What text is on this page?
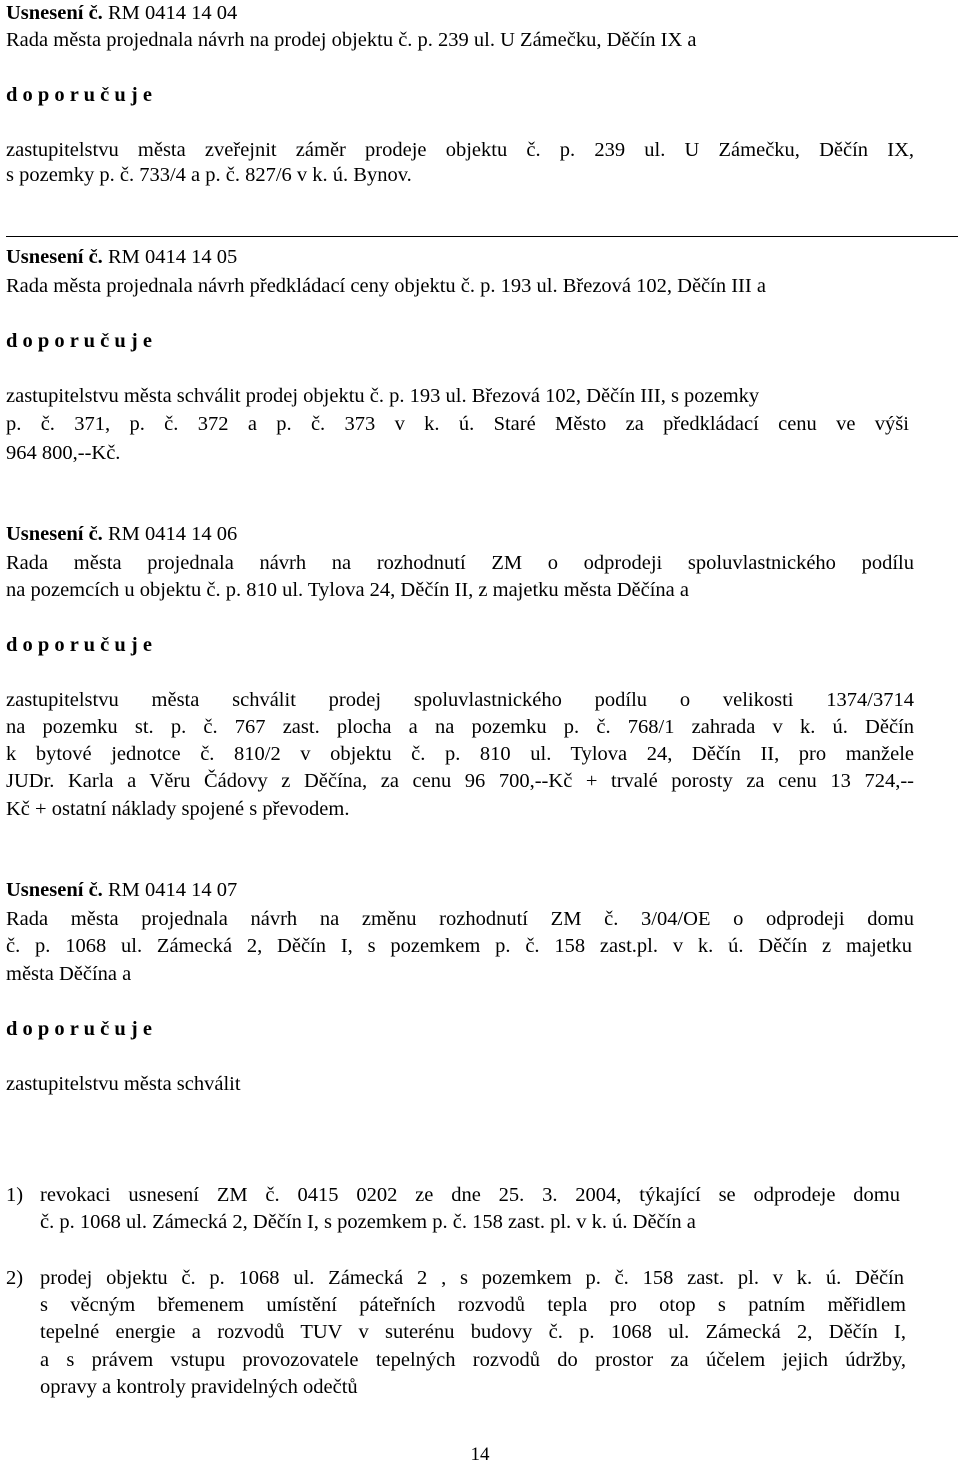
Usnesení č. RM 0414 14 04
Rada města projednala návrh na prodej objektu č. p. 239 ul. U Zámečku, Děčín IX a
d o p o r u č u j e
zastupitelstvu města zveřejnit záměr prodeje objektu č. p. 239 ul. U Zámečku, Děčín IX,
s pozemky p. č. 733/4 a p. č. 827/6 v k. ú. Bynov.
Usnesení č. RM 0414 14 05
Rada města projednala návrh předkládací ceny objektu č. p. 193 ul. Březová 102, Děčín III a
d o p o r u č u j e
zastupitelstvu města schválit prodej objektu č. p. 193 ul. Březová 102, Děčín III, s pozemky
p. č. 371, p. č. 372 a p. č. 373 v k. ú. Staré Město za předkládací cenu ve výši
964 800,--Kč.
Usnesení č. RM 0414 14 06
Rada města projednala návrh na rozhodnutí ZM o odprodeji spoluvlastnického podílu
na pozemcích u objektu č. p. 810 ul. Tylova 24, Děčín II, z majetku města Děčína a
d o p o r u č u j e
zastupitelstvu města schválit prodej spoluvlastnického podílu o velikosti 1374/3714
na pozemku st. p. č. 767 zast. plocha a na pozemku p. č. 768/1 zahrada v k. ú. Děčín
k bytové jednotce č. 810/2 v objektu č. p. 810 ul. Tylova 24, Děčín II, pro manžele
JUDr. Karla a Věru Čádovy z Děčína, za cenu 96 700,--Kč + trvalé porosty za cenu 13 724,--
Kč + ostatní náklady spojené s převodem.
Usnesení č. RM 0414 14 07
Rada města projednala návrh na změnu rozhodnutí ZM č. 3/04/OE o odprodeji domu
č. p. 1068 ul. Zámecká 2, Děčín I, s pozemkem p. č. 158 zast.pl. v k. ú. Děčín z majetku
města Děčína a
d o p o r u č u j e
zastupitelstvu města schválit
1) revokaci usnesení ZM č. 0415 0202 ze dne 25. 3. 2004, týkající se odprodeje domu
č. p. 1068 ul. Zámecká 2, Děčín I, s pozemkem p. č. 158 zast. pl. v k. ú. Děčín a
2) prodej objektu č. p. 1068 ul. Zámecká 2 , s pozemkem p. č. 158 zast. pl. v k. ú. Děčín
s věcným břemenem umístění páteřních rozvodů tepla pro otop s patním měřidlem
tepelné energie a rozvodů TUV v suterénu budovy č. p. 1068 ul. Zámecká 2, Děčín I,
a s právem vstupu provozovatele tepelných rozvodů do prostor za účelem jejich údržby,
opravy a kontroly pravidelných odečtů
14
